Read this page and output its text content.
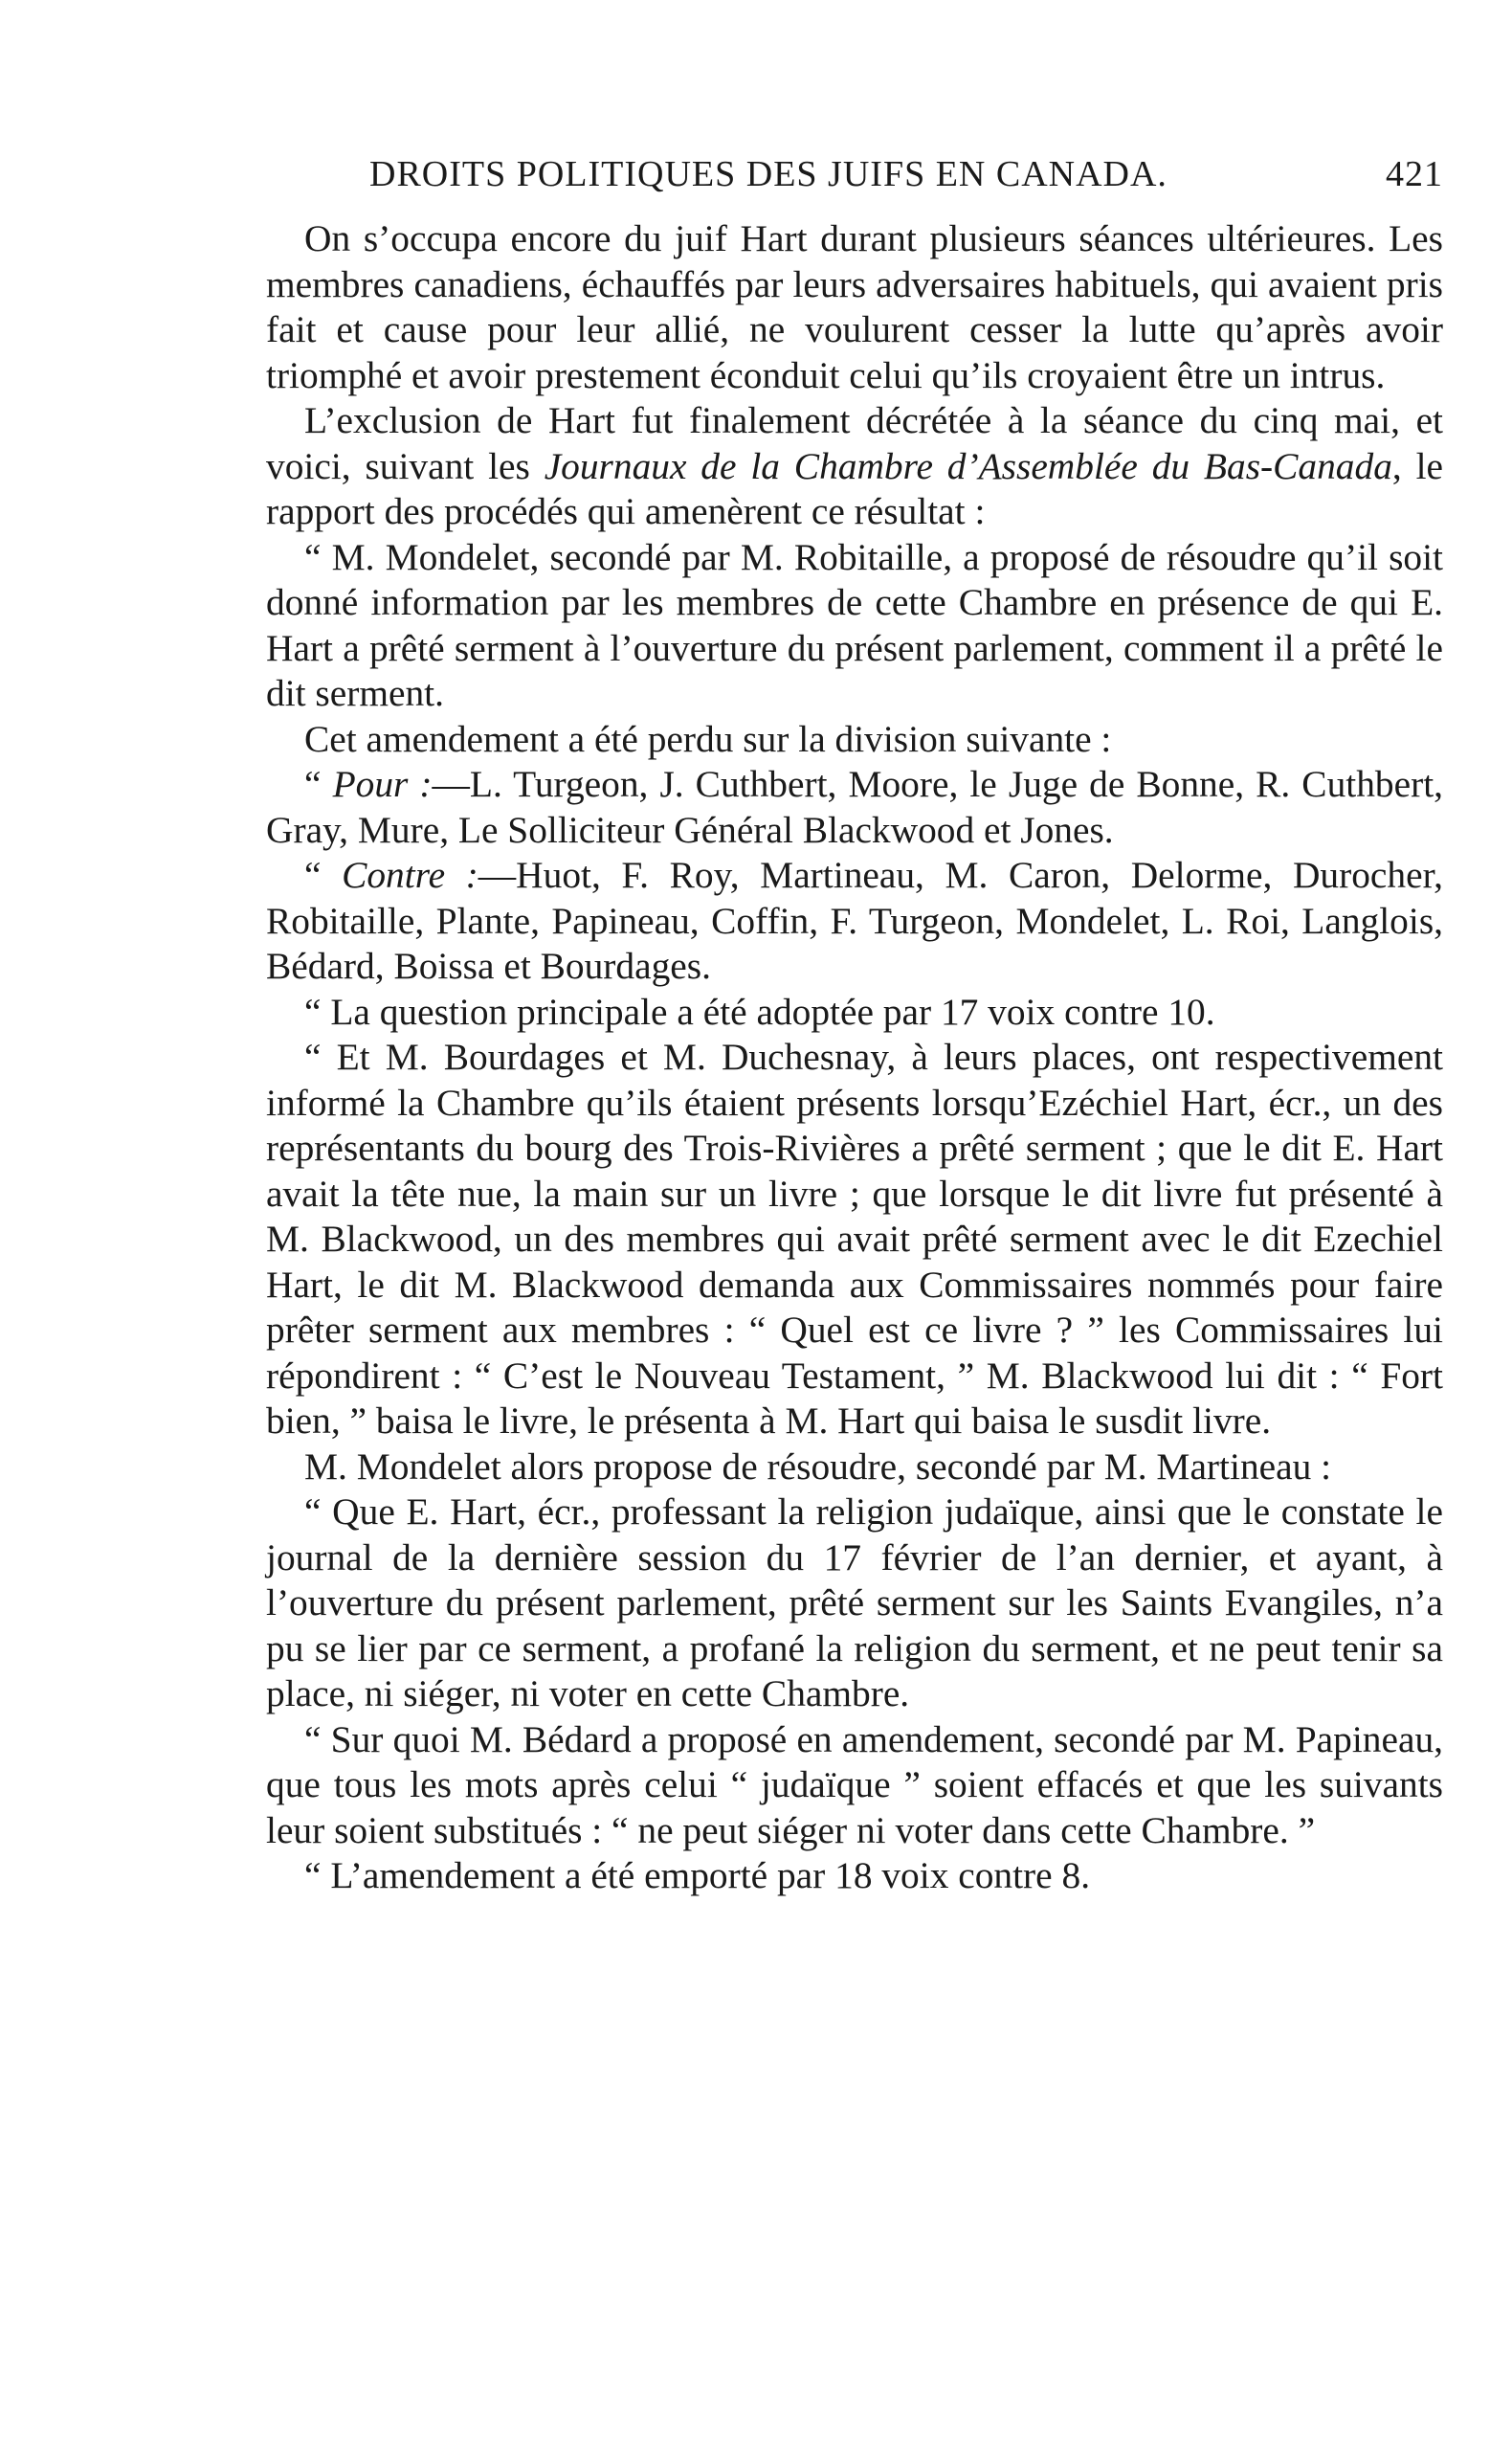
DROITS POLITIQUES DES JUIFS EN CANADA.	421

On s’occupa encore du juif Hart durant plusieurs séances ultérieures. Les membres canadiens, échauffés par leurs adversaires habituels, qui avaient pris fait et cause pour leur allié, ne voulurent cesser la lutte qu’après avoir triomphé et avoir prestement éconduit celui qu’ils croyaient être un intrus.

L’exclusion de Hart fut finalement décrétée à la séance du cinq mai, et voici, suivant les Journaux de la Chambre d’Assemblée du Bas-Canada, le rapport des procédés qui amenèrent ce résultat :

“ M. Mondelet, secondé par M. Robitaille, a proposé de résoudre qu’il soit donné information par les membres de cette Chambre en présence de qui E. Hart a prêté serment à l’ouverture du présent parlement, comment il a prêté le dit serment.

Cet amendement a été perdu sur la division suivante :

“ Pour :—L. Turgeon, J. Cuthbert, Moore, le Juge de Bonne, R. Cuthbert, Gray, Mure, Le Solliciteur Général Blackwood et Jones.

“ Contre :—Huot, F. Roy, Martineau, M. Caron, Delorme, Durocher, Robitaille, Plante, Papineau, Coffin, F. Turgeon, Mondelet, L. Roi, Langlois, Bédard, Boissa et Bourdages.

“ La question principale a été adoptée par 17 voix contre 10.

“ Et M. Bourdages et M. Duchesnay, à leurs places, ont respectivement informé la Chambre qu’ils étaient présents lorsqu’Ezéchiel Hart, écr., un des représentants du bourg des Trois-Rivières a prêté serment ; que le dit E. Hart avait la tête nue, la main sur un livre ; que lorsque le dit livre fut présenté à M. Blackwood, un des membres qui avait prêté serment avec le dit Ezechiel Hart, le dit M. Blackwood demanda aux Commissaires nommés pour faire prêter serment aux membres : “ Quel est ce livre ? ” les Commissaires lui répondirent : “ C’est le Nouveau Testament, ” M. Blackwood lui dit : “ Fort bien, ” baisa le livre, le présenta à M. Hart qui baisa le susdit livre.

M. Mondelet alors propose de résoudre, secondé par M. Martineau :

“ Que E. Hart, écr., professant la religion judaïque, ainsi que le constate le journal de la dernière session du 17 février de l’an dernier, et ayant, à l’ouverture du présent parlement, prêté serment sur les Saints Evangiles, n’a pu se lier par ce serment, a profané la religion du serment, et ne peut tenir sa place, ni siéger, ni voter en cette Chambre.

“ Sur quoi M. Bédard a proposé en amendement, secondé par M. Papineau, que tous les mots après celui “ judaïque ” soient effacés et que les suivants leur soient substitués : “ ne peut siéger ni voter dans cette Chambre. ”

“ L’amendement a été emporté par 18 voix contre 8.
